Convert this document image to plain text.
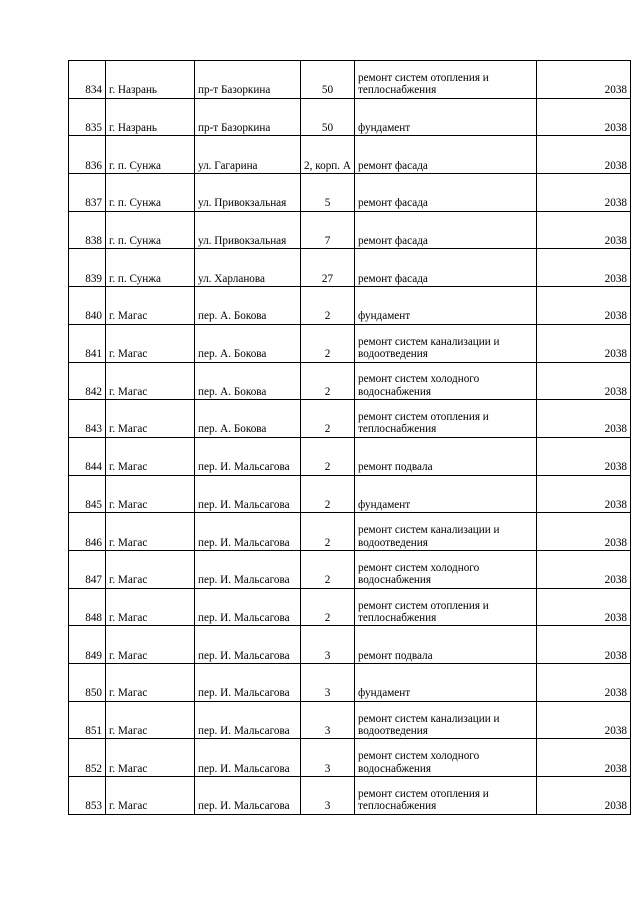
834	г. Назрань	пр-т Базоркина	50	ремонт систем отопления и теплоснабжения	2038
835	г. Назрань	пр-т Базоркина	50	фундамент	2038
836	г. п. Сунжа	ул. Гагарина	2, корп. А	ремонт фасада	2038
837	г. п. Сунжа	ул. Привокзальная	5	ремонт фасада	2038
838	г. п. Сунжа	ул. Привокзальная	7	ремонт фасада	2038
839	г. п. Сунжа	ул. Харланова	27	ремонт фасада	2038
840	г. Магас	пер. А. Бокова	2	фундамент	2038
841	г. Магас	пер. А. Бокова	2	ремонт систем канализации и водоотведения	2038
842	г. Магас	пер. А. Бокова	2	ремонт систем холодного водоснабжения	2038
843	г. Магас	пер. А. Бокова	2	ремонт систем отопления и теплоснабжения	2038
844	г. Магас	пер. И. Мальсагова	2	ремонт подвала	2038
845	г. Магас	пер. И. Мальсагова	2	фундамент	2038
846	г. Магас	пер. И. Мальсагова	2	ремонт систем канализации и водоотведения	2038
847	г. Магас	пер. И. Мальсагова	2	ремонт систем холодного водоснабжения	2038
848	г. Магас	пер. И. Мальсагова	2	ремонт систем отопления и теплоснабжения	2038
849	г. Магас	пер. И. Мальсагова	3	ремонт подвала	2038
850	г. Магас	пер. И. Мальсагова	3	фундамент	2038
851	г. Магас	пер. И. Мальсагова	3	ремонт систем канализации и водоотведения	2038
852	г. Магас	пер. И. Мальсагова	3	ремонт систем холодного водоснабжения	2038
853	г. Магас	пер. И. Мальсагова	3	ремонт систем отопления и теплоснабжения	2038
